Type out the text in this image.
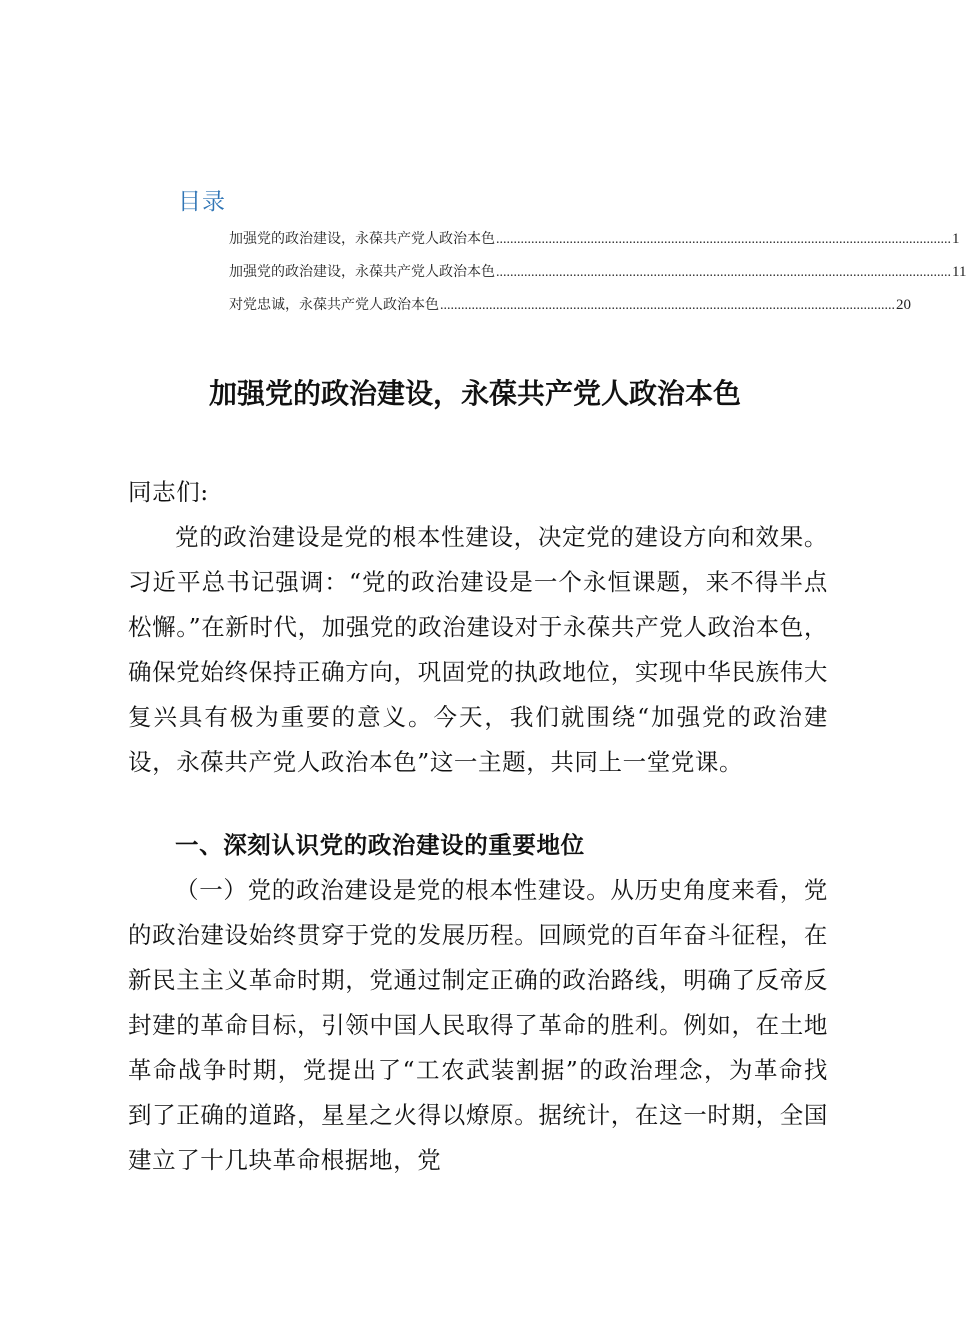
目录
加强党的政治建设，永葆共产党人政治本色 .................................................................................................................................. 1
加强党的政治建设，永葆共产党人政治本色 .................................................................................................................................. 11
对党忠诚，永葆共产党人政治本色 .................................................................................................................................. 20
加强党的政治建设，永葆共产党人政治本色
同志们:
党的政治建设是党的根本性建设，决定党的建设方向和效果。习近平总书记强调：“党的政治建设是一个永恒课题，来不得半点松懈。”在新时代，加强党的政治建设对于永葆共产党人政治本色，确保党始终保持正确方向，巩固党的执政地位，实现中华民族伟大复兴具有极为重要的意义。今天，我们就围绕“加强党的政治建设，永葆共产党人政治本色”这一主题，共同上一堂党课。
一、深刻认识党的政治建设的重要地位
（一）党的政治建设是党的根本性建设。从历史角度来看，党的政治建设始终贯穿于党的发展历程。回顾党的百年奋斗征程，在新民主主义革命时期，党通过制定正确的政治路线，明确了反帝反封建的革命目标，引领中国人民取得了革命的胜利。例如，在土地革命战争时期，党提出了“工农武装割据”的政治理念，为革命找到了正确的道路，星星之火得以燎原。据统计，在这一时期，全国建立了十几块革命根据地，党
